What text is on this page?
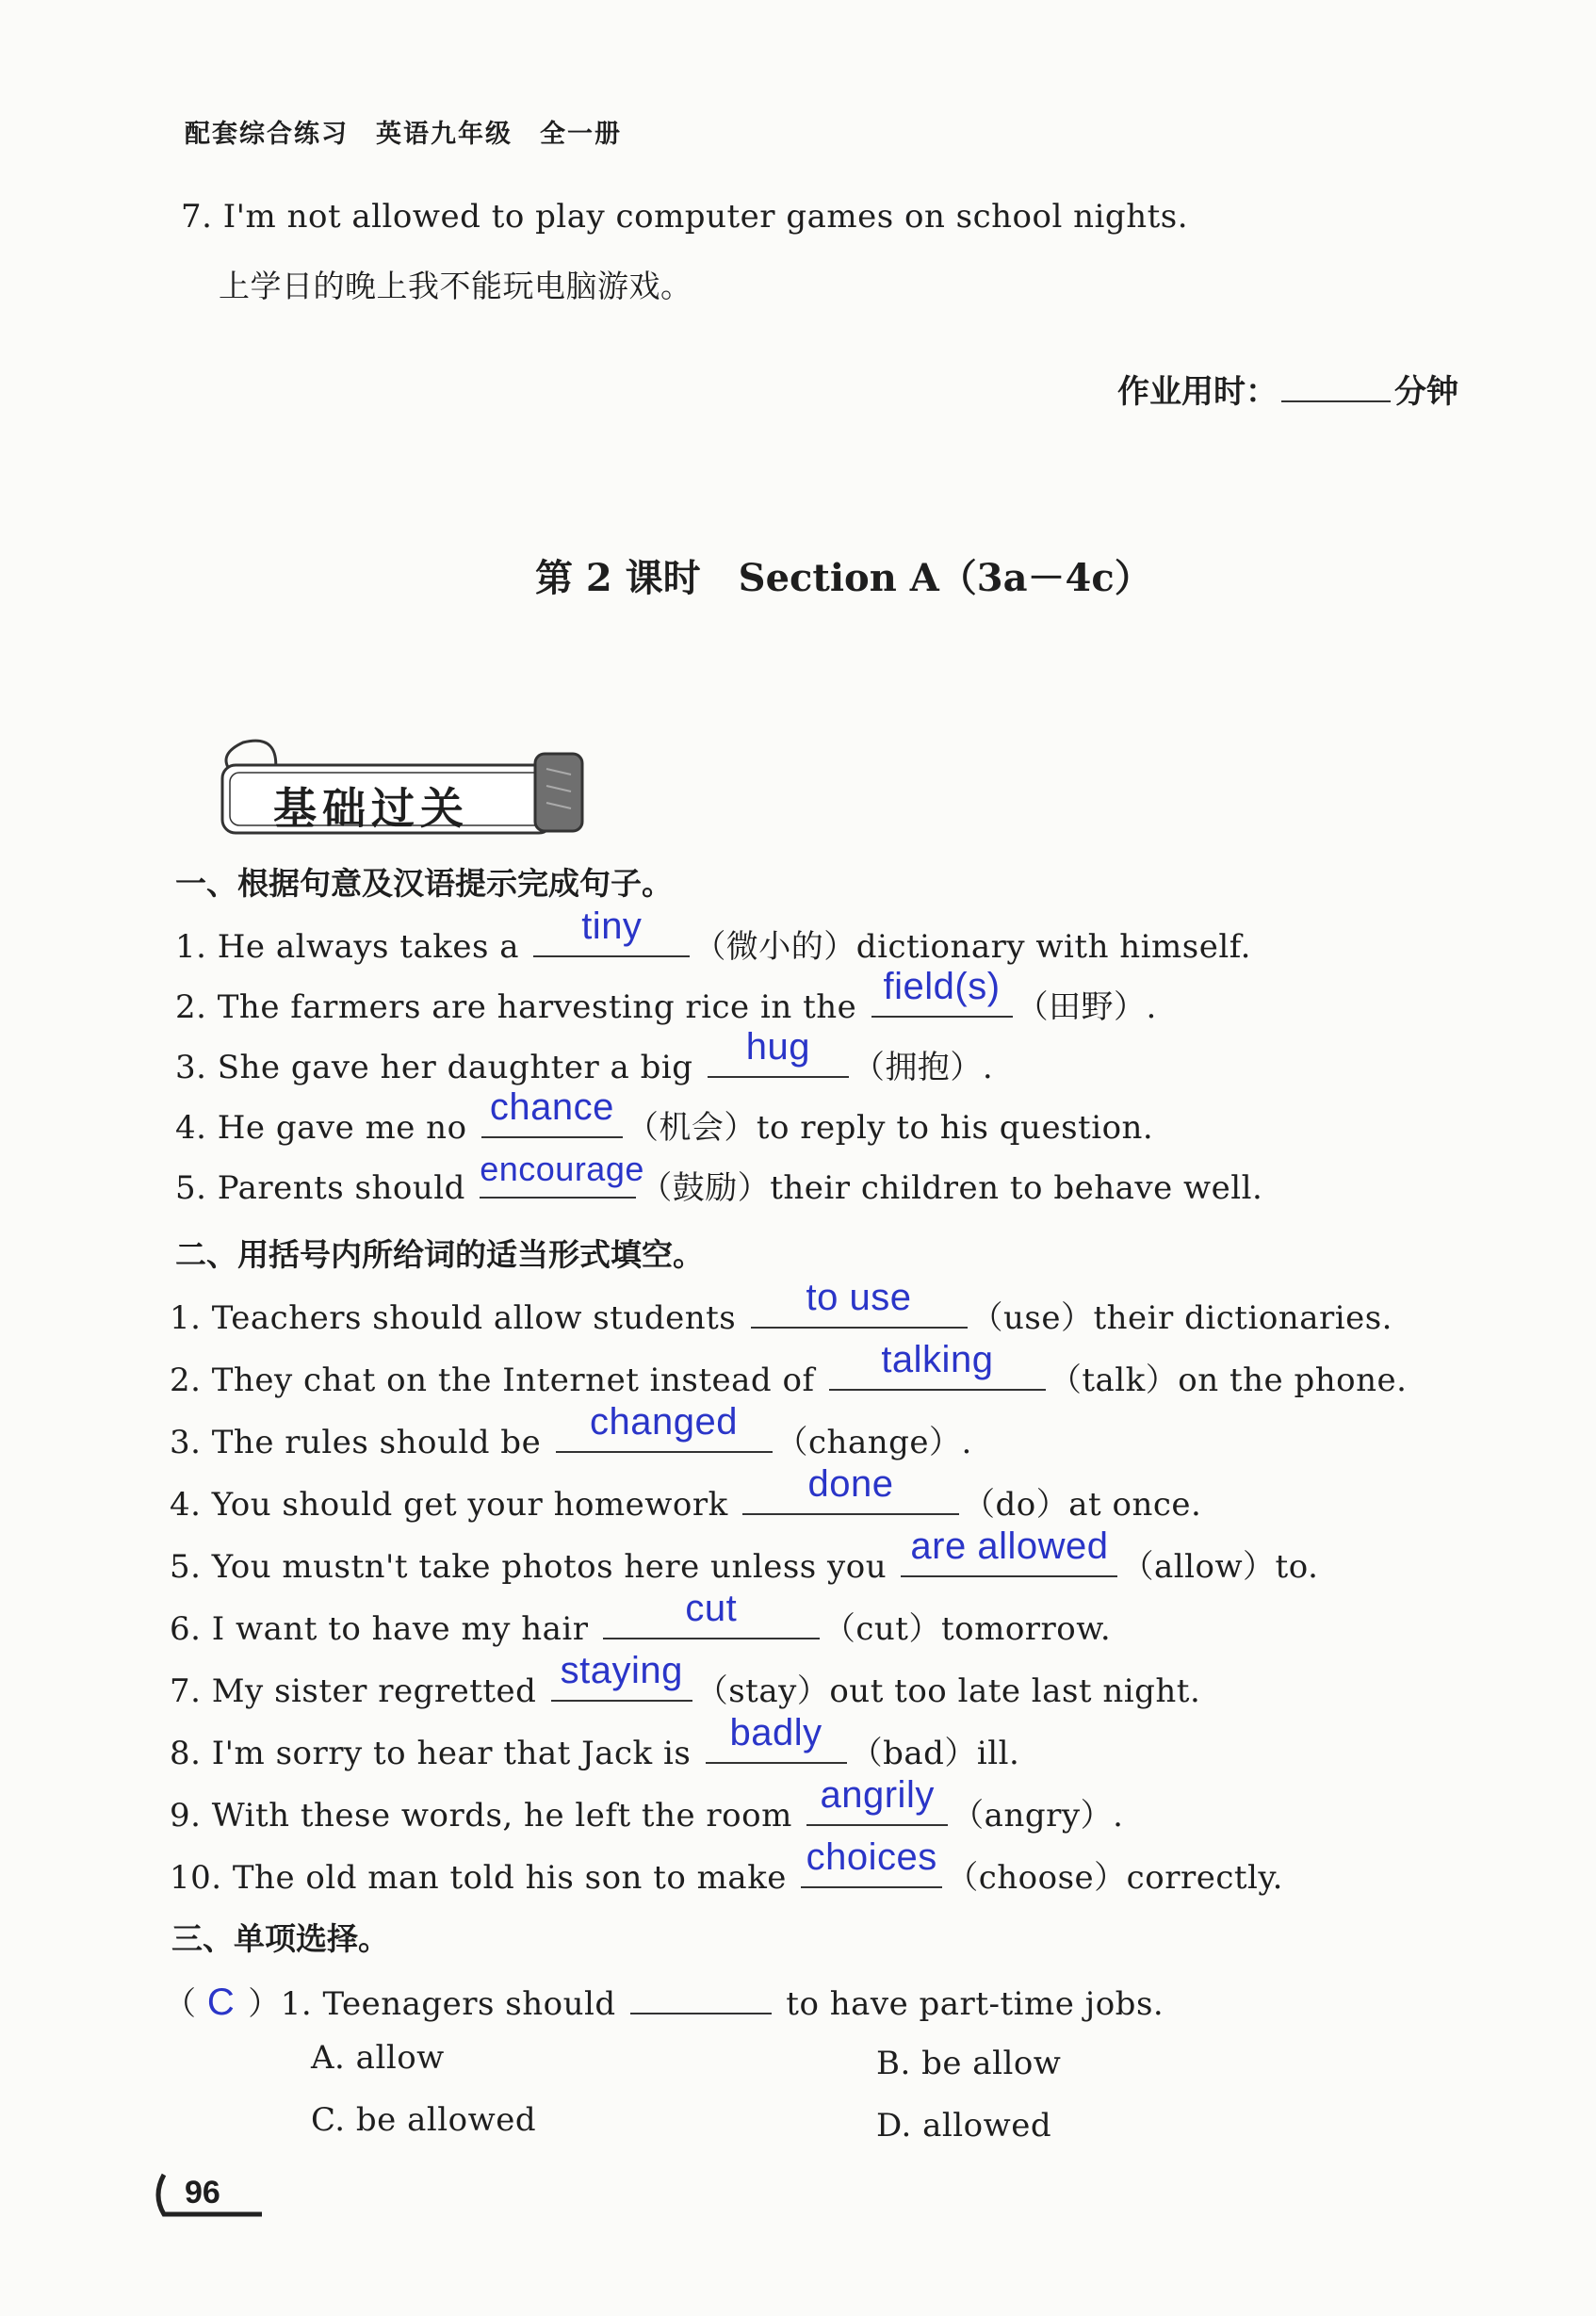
配套综合练习　英语九年级　全一册
7. I'm not allowed to play computer games on school nights.
上学日的晚上我不能玩电脑游戏。
作业用时：	分钟
第 2 课时　Section A（3a－4c）
基础过关
一、根据句意及汉语提示完成句子。
1. He always takes a	tiny	（微小的）dictionary with himself.
2. The farmers are harvesting rice in the field(s) （田野）.
3. She gave her daughter a big	hug	（拥抱）.
4. He gave me no chance （机会）to reply to his question.
5. Parents should encourage
（鼓励）their children to behave well.
二、用括号内所给词的适当形式填空。
1. Teachers should allow students	to use	（use）their dictionaries.
2. They chat on the Internet instead of	talking	（talk）on the phone.
3. The rules should be	changed	（change）.
4. You should get your homework	done	（do）at once.
5. You mustn't take photos here unless you are allowed （allow）to.
6. I want to have my hair	cut	（cut）tomorrow.
7. My sister regretted staying （stay）out too late last night.
8. I'm sorry to hear that Jack is	badly （bad）ill.
9. With these words, he left the room angrily （angry）.
10. The old man told his son to make choices （choose）correctly.
三、单项选择。
（ C ）1. Teenagers should	to have part-time jobs.
A. allow	B. be allow
C. be allowed	D. allowed
96
